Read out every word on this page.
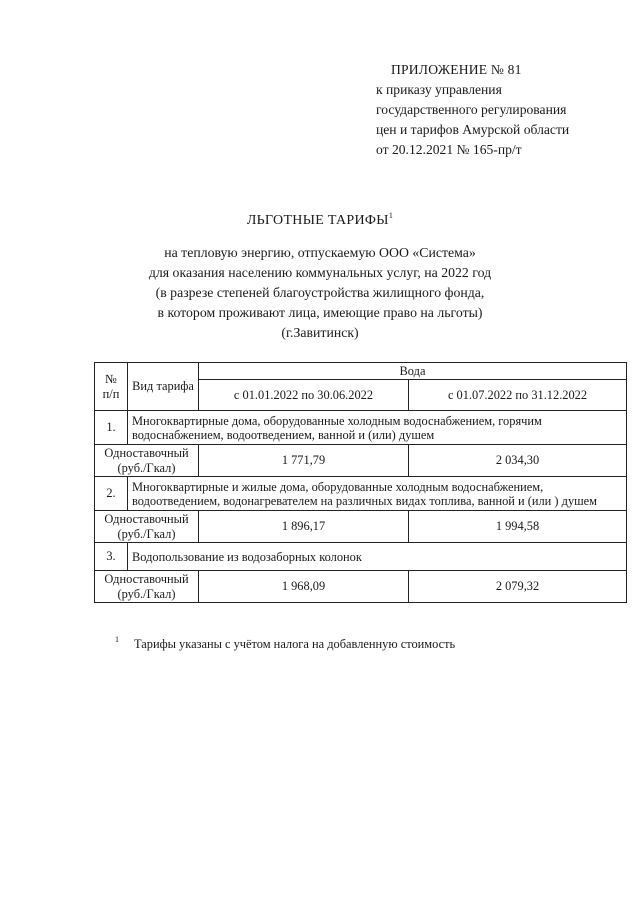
ПРИЛОЖЕНИЕ № 81
к приказу управления
государственного регулирования
цен и тарифов Амурской области
от 20.12.2021 № 165-пр/т
ЛЬГОТНЫЕ ТАРИФЫ$^1$
на тепловую энергию, отпускаемую ООО «Система»
для оказания населению коммунальных услуг, на 2022 год
(в разрезе степеней благоустройства жилищного фонда,
в котором проживают лица, имеющие право на льготы)
(г.Завитинск)
№ п/п	Вид тарифа	Вода	
		с 01.01.2022 по 30.06.2022	с 01.07.2022 по 31.12.2022
1.	Многоквартирные дома, оборудованные холодным водоснабжением, горячим водоснабжением, водоотведением, ванной и (или) душем		
Одноставочный (руб./Гкал)		1 771,79	2 034,30
2.	Многоквартирные и жилые дома, оборудованные холодным водоснабжением, водоотведением, водонагревателем на различных видах топлива, ванной и (или ) душем		
Одноставочный (руб./Гкал)		1 896,17	1 994,58
3.	Водопользование из водозаборных колонок		
Одноставочный (руб./Гкал)		1 968,09	2 079,32
1 Тарифы указаны с учётом налога на добавленную стоимость
